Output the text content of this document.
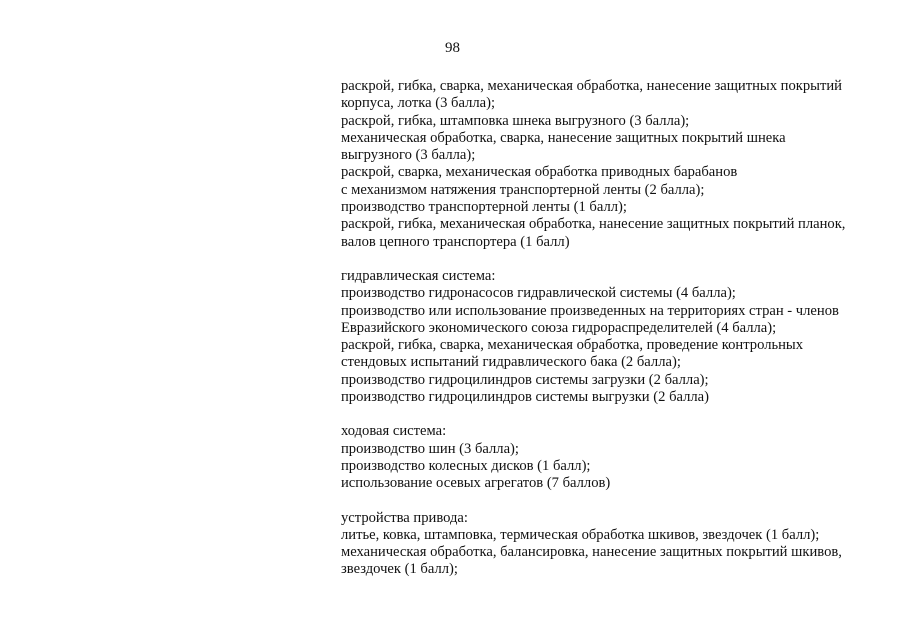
98
раскрой, гибка, сварка, механическая обработка, нанесение защитных покрытий
корпуса, лотка (3 балла);
раскрой, гибка, штамповка шнека выгрузного (3 балла);
механическая обработка, сварка, нанесение защитных покрытий шнека
выгрузного (3 балла);
раскрой, сварка, механическая обработка приводных барабанов
с механизмом натяжения транспортерной ленты (2 балла);
производство транспортерной ленты (1 балл);
раскрой, гибка, механическая обработка, нанесение защитных покрытий планок,
валов цепного транспортера (1 балл)
гидравлическая система:
производство гидронасосов гидравлической системы (4 балла);
производство или использование произведенных на территориях стран - членов
Евразийского экономического союза гидрораспределителей (4 балла);
раскрой, гибка, сварка, механическая обработка, проведение контрольных
стендовых испытаний гидравлического бака (2 балла);
производство гидроцилиндров системы загрузки (2 балла);
производство гидроцилиндров системы выгрузки (2 балла)
ходовая система:
производство шин (3 балла);
производство колесных дисков (1 балл);
использование осевых агрегатов (7 баллов)
устройства привода:
литье, ковка, штамповка, термическая обработка шкивов, звездочек (1 балл);
механическая обработка, балансировка, нанесение защитных покрытий шкивов,
звездочек (1 балл);
